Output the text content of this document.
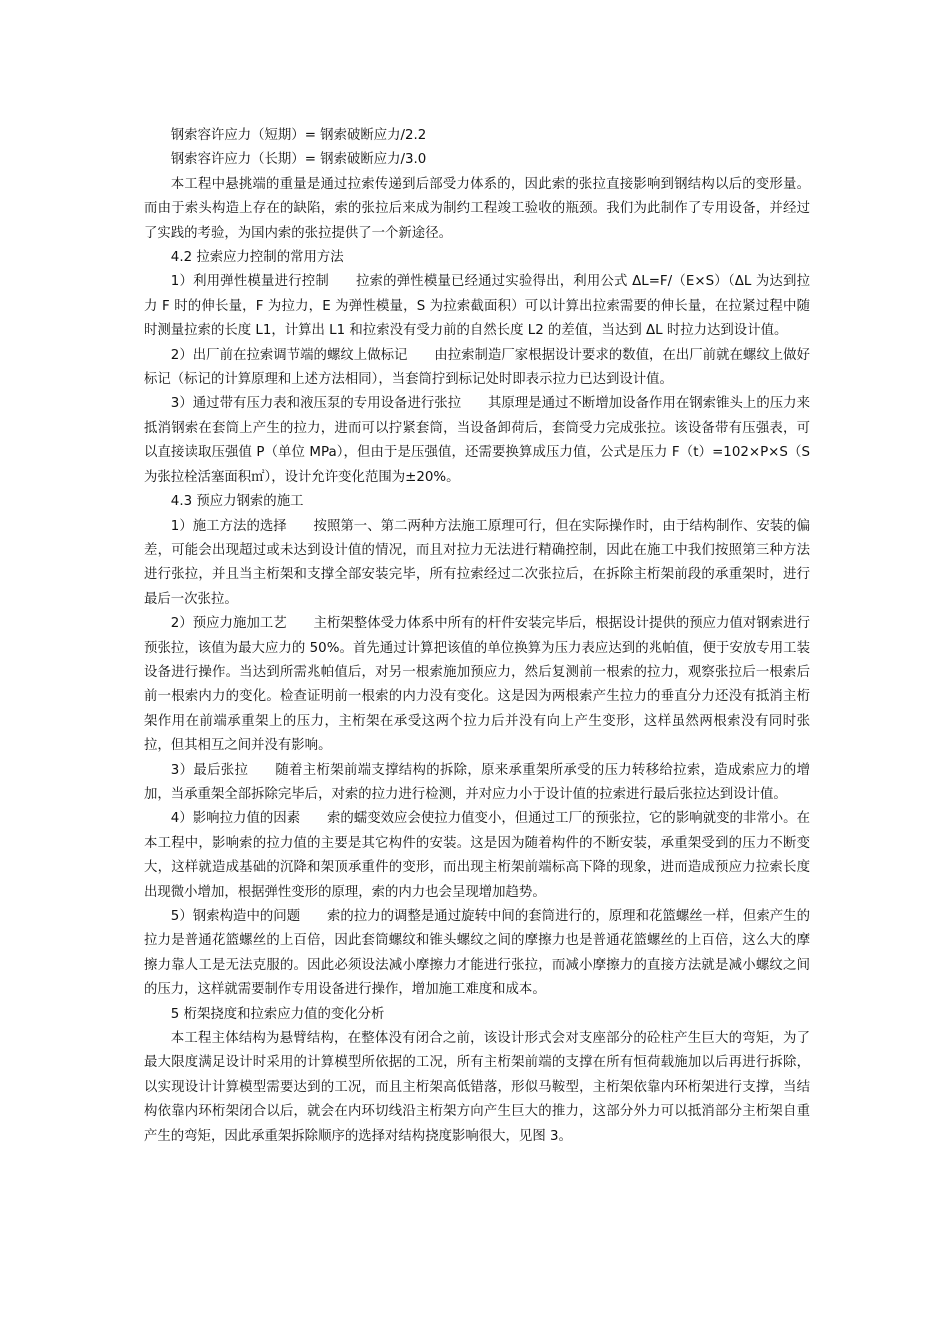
钢索容许应力（短期）= 钢索破断应力/2.2

钢索容许应力（长期）= 钢索破断应力/3.0

本工程中悬挑端的重量是通过拉索传递到后部受力体系的，因此索的张拉直接影响到钢结构以后的变形量。而由于索头构造上存在的缺陷，索的张拉后来成为制约工程竣工验收的瓶颈。我们为此制作了专用设备，并经过了实践的考验，为国内索的张拉提供了一个新途径。

4.2 拉索应力控制的常用方法

1）利用弹性模量进行控制 拉索的弹性模量已经通过实验得出，利用公式 ΔL=F/（E×S）（ΔL 为达到拉力 F 时的伸长量，F 为拉力，E 为弹性模量，S 为拉索截面积）可以计算出拉索需要的伸长量，在拉紧过程中随时测量拉索的长度 L1，计算出 L1 和拉索没有受力前的自然长度 L2 的差值，当达到 ΔL 时拉力达到设计值。

2）出厂前在拉索调节端的螺纹上做标记 由拉索制造厂家根据设计要求的数值，在出厂前就在螺纹上做好标记（标记的计算原理和上述方法相同），当套筒拧到标记处时即表示拉力已达到设计值。

3）通过带有压力表和液压泵的专用设备进行张拉 其原理是通过不断增加设备作用在钢索锥头上的压力来抵消钢索在套筒上产生的拉力，进而可以拧紧套筒，当设备卸荷后，套筒受力完成张拉。该设备带有压强表，可以直接读取压强值 P（单位 MPa），但由于是压强值，还需要换算成压力值，公式是压力 F（t）=102×P×S（S 为张拉栓活塞面积㎡），设计允许变化范围为±20%。

4.3 预应力钢索的施工

1）施工方法的选择 按照第一、第二两种方法施工原理可行，但在实际操作时，由于结构制作、安装的偏差，可能会出现超过或未达到设计值的情况，而且对拉力无法进行精确控制，因此在施工中我们按照第三种方法进行张拉，并且当主桁架和支撑全部安装完毕，所有拉索经过二次张拉后，在拆除主桁架前段的承重架时，进行最后一次张拉。

2）预应力施加工艺 主桁架整体受力体系中所有的杆件安装完毕后，根据设计提供的预应力值对钢索进行预张拉，该值为最大应力的 50%。首先通过计算把该值的单位换算为压力表应达到的兆帕值，便于安放专用工装设备进行操作。当达到所需兆帕值后，对另一根索施加预应力，然后复测前一根索的拉力，观察张拉后一根索后前一根索内力的变化。检查证明前一根索的内力没有变化。这是因为两根索产生拉力的垂直分力还没有抵消主桁架作用在前端承重架上的压力，主桁架在承受这两个拉力后并没有向上产生变形，这样虽然两根索没有同时张拉，但其相互之间并没有影响。

3）最后张拉 随着主桁架前端支撑结构的拆除，原来承重架所承受的压力转移给拉索，造成索应力的增加，当承重架全部拆除完毕后，对索的拉力进行检测，并对应力小于设计值的拉索进行最后张拉达到设计值。

4）影响拉力值的因素 索的蠕变效应会使拉力值变小，但通过工厂的预张拉，它的影响就变的非常小。在本工程中，影响索的拉力值的主要是其它构件的安装。这是因为随着构件的不断安装，承重架受到的压力不断变大，这样就造成基础的沉降和架顶承重件的变形，而出现主桁架前端标高下降的现象，进而造成预应力拉索长度出现微小增加，根据弹性变形的原理，索的内力也会呈现增加趋势。

5）钢索构造中的问题 索的拉力的调整是通过旋转中间的套筒进行的，原理和花篮螺丝一样，但索产生的拉力是普通花篮螺丝的上百倍，因此套筒螺纹和锥头螺纹之间的摩擦力也是普通花篮螺丝的上百倍，这么大的摩擦力靠人工是无法克服的。因此必须设法减小摩擦力才能进行张拉，而减小摩擦力的直接方法就是减小螺纹之间的压力，这样就需要制作专用设备进行操作，增加施工难度和成本。

5 桁架挠度和拉索应力值的变化分析

本工程主体结构为悬臂结构，在整体没有闭合之前，该设计形式会对支座部分的砼柱产生巨大的弯矩，为了最大限度满足设计时采用的计算模型所依据的工况，所有主桁架前端的支撑在所有恒荷载施加以后再进行拆除，以实现设计计算模型需要达到的工况，而且主桁架高低错落，形似马鞍型，主桁架依靠内环桁架进行支撑，当结构依靠内环桁架闭合以后，就会在内环切线沿主桁架方向产生巨大的推力，这部分外力可以抵消部分主桁架自重产生的弯矩，因此承重架拆除顺序的选择对结构挠度影响很大，见图 3。
